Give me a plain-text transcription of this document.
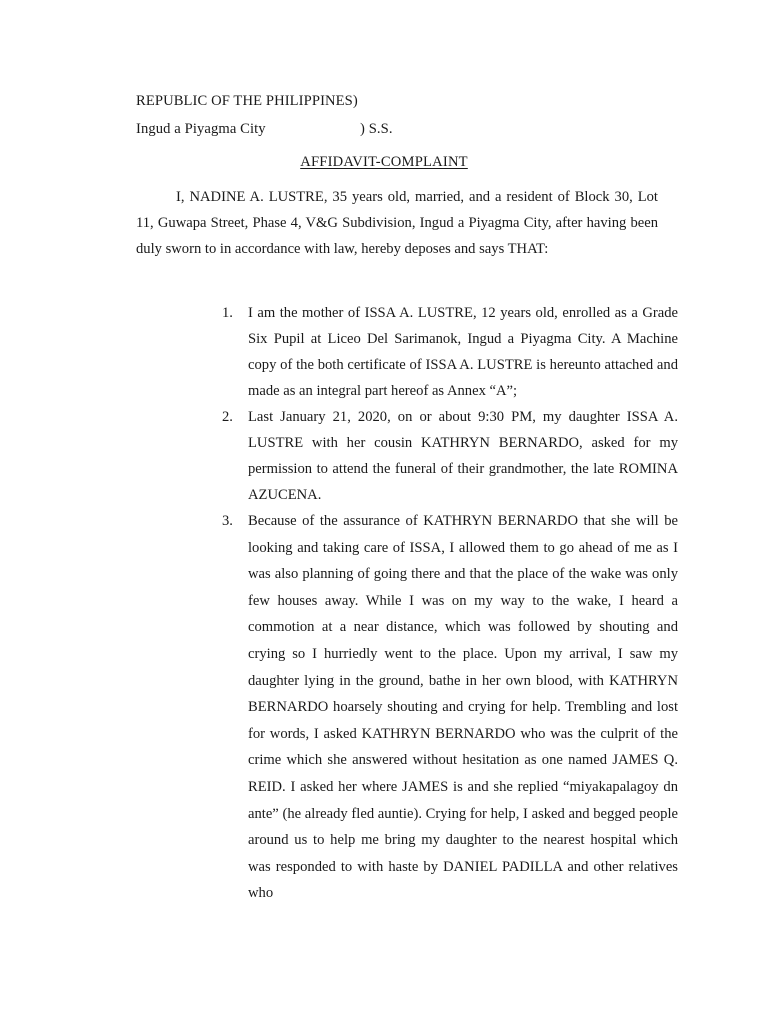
REPUBLIC OF THE PHILIPPINES)
Ingud a Piyagma City	) S.S.
AFFIDAVIT-COMPLAINT

I, NADINE A. LUSTRE, 35 years old, married, and a resident of Block 30, Lot 11, Guwapa Street, Phase 4, V&G Subdivision, Ingud a Piyagma City, after having been duly sworn to in accordance with law, hereby deposes and says THAT:

1. I am the mother of ISSA A. LUSTRE, 12 years old, enrolled as a Grade Six Pupil at Liceo Del Sarimanok, Ingud a Piyagma City. A Machine copy of the both certificate of ISSA A. LUSTRE is hereunto attached and made as an integral part hereof as Annex “A”;
2. Last January 21, 2020, on or about 9:30 PM, my daughter ISSA A. LUSTRE with her cousin KATHRYN BERNARDO, asked for my permission to attend the funeral of their grandmother, the late ROMINA AZUCENA.
3. Because of the assurance of KATHRYN BERNARDO that she will be looking and taking care of ISSA, I allowed them to go ahead of me as I was also planning of going there and that the place of the wake was only few houses away. While I was on my way to the wake, I heard a commotion at a near distance, which was followed by shouting and crying so I hurriedly went to the place. Upon my arrival, I saw my daughter lying in the ground, bathe in her own blood, with KATHRYN BERNARDO hoarsely shouting and crying for help. Trembling and lost for words, I asked KATHRYN BERNARDO who was the culprit of the crime which she answered without hesitation as one named JAMES Q. REID. I asked her where JAMES is and she replied “miyakapalagoy dn ante” (he already fled auntie). Crying for help, I asked and begged people around us to help me bring my daughter to the nearest hospital which was responded to with haste by DANIEL PADILLA and other relatives who
